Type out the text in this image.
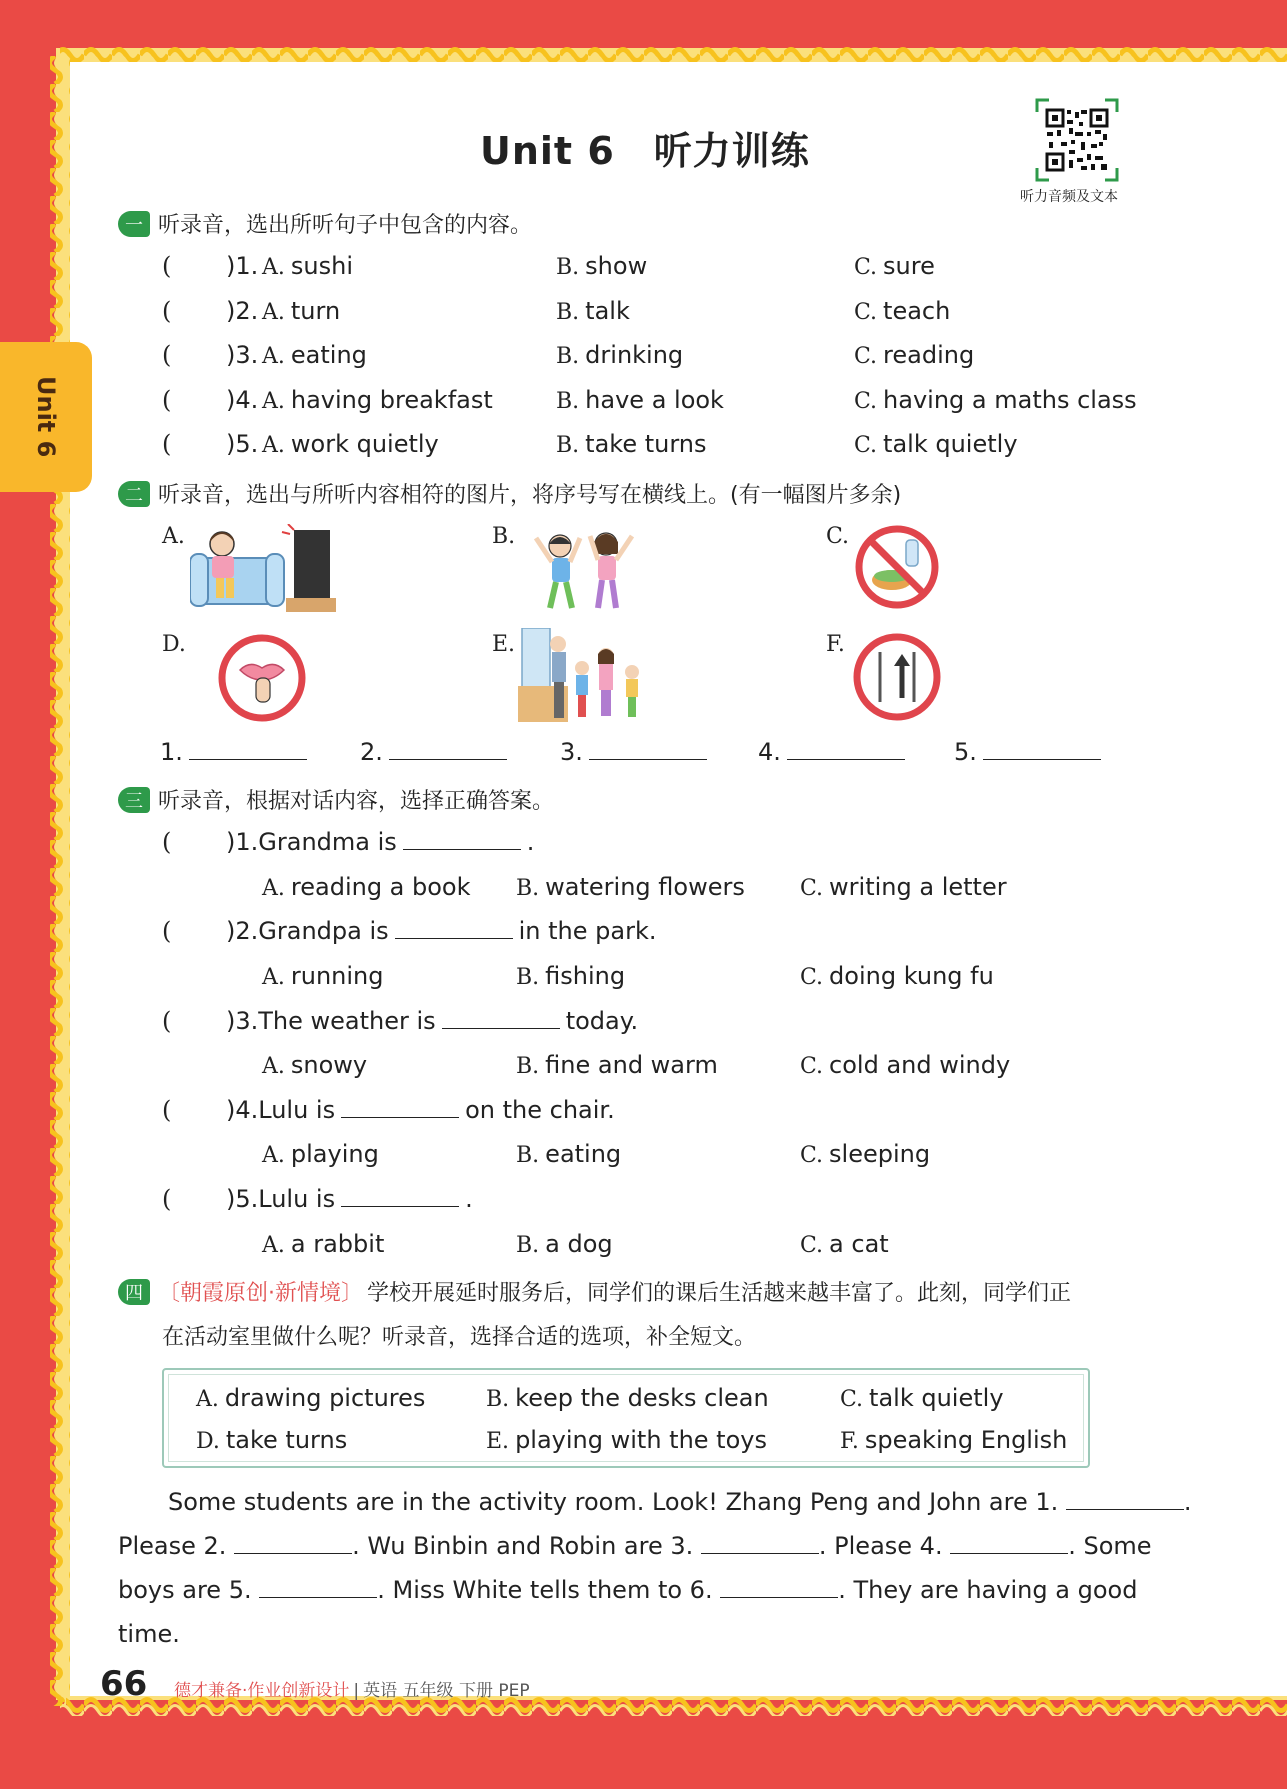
Unit 6
Unit 6　听力训练
听力音频及文本
一 听录音，选出所听句子中包含的内容。
( )1. A. sushi	B. show	C. sure
( )2. A. turn	B. talk	C. teach
( )3. A. eating	B. drinking	C. reading
( )4. A. having breakfast	B. have a look	C. having a maths class
( )5. A. work quietly	B. take turns	C. talk quietly
二 听录音，选出与所听内容相符的图片，将序号写在横线上。(有一幅图片多余)
A.	B.	C.
D.	E.	F.
1.	2.	3.	4.	5.
三 听录音，根据对话内容，选择正确答案。
( )1.Grandma is	.
A. reading a book B. watering flowers	C. writing a letter
( )2.Grandpa is	in the park.
A. running	B. fishing	C. doing kung fu
( )3.The weather is	today.
A. snowy	B. fine and warm	C. cold and windy
( )4.Lulu is	on the chair.
A. playing	B. eating	C. sleeping
( )5.Lulu is	.
A. a rabbit	B. a dog	C. a cat
四 〔朝霞原创·新情境〕 学校开展延时服务后，同学们的课后生活越来越丰富了。此刻，同学们正
在活动室里做什么呢？听录音，选择合适的选项，补全短文。
A. drawing pictures	B. keep the desks clean	C. talk quietly
D. take turns	E. playing with the toys	F. speaking English
Some students are in the activity room. Look! Zhang Peng and John are 1.	.
Please 2.	. Wu Binbin and Robin are 3.	. Please 4.	. Some
boys are 5.	. Miss White tells them to 6.	. They are having a good
time.
66 德才兼备·作业创新设计 | 英语 五年级 下册 PEP
